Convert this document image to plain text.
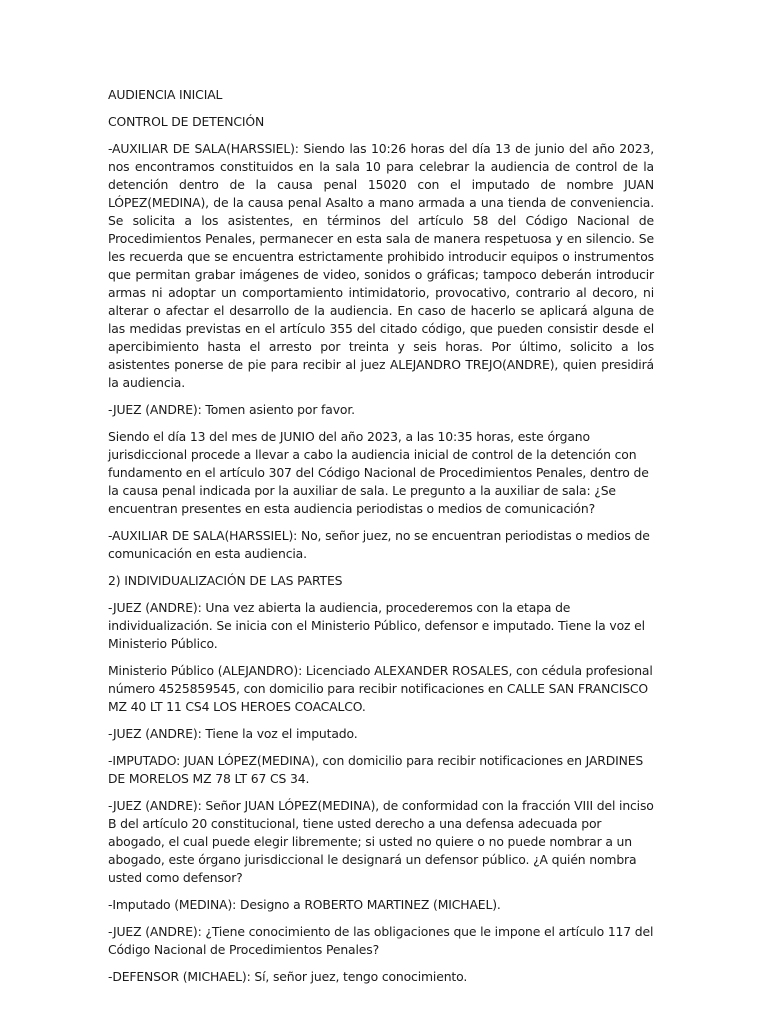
AUDIENCIA INICIAL
CONTROL DE DETENCIÓN

-AUXILIAR DE SALA(HARSSIEL): Siendo las 10:26 horas del día 13 de junio del año 2023, nos encontramos constituidos en la sala 10 para celebrar la audiencia de control de la detención dentro de la causa penal 15020 con el imputado de nombre JUAN LÓPEZ(MEDINA), de la causa penal Asalto a mano armada a una tienda de conveniencia. Se solicita a los asistentes, en términos del artículo 58 del Código Nacional de Procedimientos Penales, permanecer en esta sala de manera respetuosa y en silencio. Se les recuerda que se encuentra estrictamente prohibido introducir equipos o instrumentos que permitan grabar imágenes de video, sonidos o gráficas; tampoco deberán introducir armas ni adoptar un comportamiento intimidatorio, provocativo, contrario al decoro, ni alterar o afectar el desarrollo de la audiencia. En caso de hacerlo se aplicará alguna de las medidas previstas en el artículo 355 del citado código, que pueden consistir desde el apercibimiento hasta el arresto por treinta y seis horas. Por último, solicito a los asistentes ponerse de pie para recibir al juez ALEJANDRO TREJO(ANDRE), quien presidirá la audiencia.

-JUEZ (ANDRE): Tomen asiento por favor.

Siendo el día 13 del mes de JUNIO del año 2023, a las 10:35 horas, este órgano jurisdiccional procede a llevar a cabo la audiencia inicial de control de la detención con fundamento en el artículo 307 del Código Nacional de Procedimientos Penales, dentro de la causa penal indicada por la auxiliar de sala. Le pregunto a la auxiliar de sala: ¿Se encuentran presentes en esta audiencia periodistas o medios de comunicación?

-AUXILIAR DE SALA(HARSSIEL): No, señor juez, no se encuentran periodistas o medios de comunicación en esta audiencia.

2) INDIVIDUALIZACIÓN DE LAS PARTES

-JUEZ (ANDRE): Una vez abierta la audiencia, procederemos con la etapa de individualización. Se inicia con el Ministerio Público, defensor e imputado. Tiene la voz el Ministerio Público.

Ministerio Público (ALEJANDRO): Licenciado ALEXANDER ROSALES, con cédula profesional número 4525859545, con domicilio para recibir notificaciones en CALLE SAN FRANCISCO MZ 40 LT 11 CS4 LOS HEROES COACALCO.

-JUEZ (ANDRE): Tiene la voz el imputado.

-IMPUTADO: JUAN LÓPEZ(MEDINA), con domicilio para recibir notificaciones en JARDINES DE MORELOS MZ 78 LT 67 CS 34.

-JUEZ (ANDRE): Señor JUAN LÓPEZ(MEDINA), de conformidad con la fracción VIII del inciso B del artículo 20 constitucional, tiene usted derecho a una defensa adecuada por abogado, el cual puede elegir libremente; si usted no quiere o no puede nombrar a un abogado, este órgano jurisdiccional le designará un defensor público. ¿A quién nombra usted como defensor?

-Imputado (MEDINA): Designo a ROBERTO MARTINEZ (MICHAEL).

-JUEZ (ANDRE): ¿Tiene conocimiento de las obligaciones que le impone el artículo 117 del Código Nacional de Procedimientos Penales?

-DEFENSOR (MICHAEL): Sí, señor juez, tengo conocimiento.
